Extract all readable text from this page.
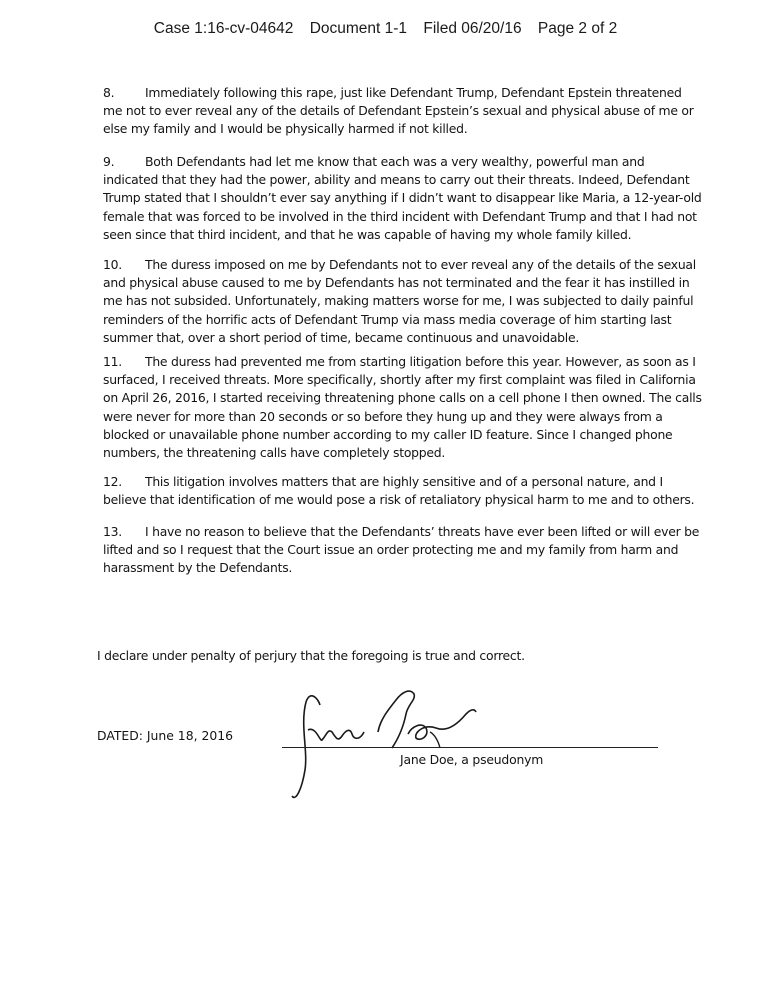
Case 1:16-cv-04642 Document 1-1 Filed 06/20/16 Page 2 of 2
8. Immediately following this rape, just like Defendant Trump, Defendant Epstein threatened me not to ever reveal any of the details of Defendant Epstein’s sexual and physical abuse of me or else my family and I would be physically harmed if not killed.
9. Both Defendants had let me know that each was a very wealthy, powerful man and indicated that they had the power, ability and means to carry out their threats. Indeed, Defendant Trump stated that I shouldn’t ever say anything if I didn’t want to disappear like Maria, a 12-year-old female that was forced to be involved in the third incident with Defendant Trump and that I had not seen since that third incident, and that he was capable of having my whole family killed.
10. The duress imposed on me by Defendants not to ever reveal any of the details of the sexual and physical abuse caused to me by Defendants has not terminated and the fear it has instilled in me has not subsided. Unfortunately, making matters worse for me, I was subjected to daily painful reminders of the horrific acts of Defendant Trump via mass media coverage of him starting last summer that, over a short period of time, became continuous and unavoidable.
11. The duress had prevented me from starting litigation before this year. However, as soon as I surfaced, I received threats. More specifically, shortly after my first complaint was filed in California on April 26, 2016, I started receiving threatening phone calls on a cell phone I then owned. The calls were never for more than 20 seconds or so before they hung up and they were always from a blocked or unavailable phone number according to my caller ID feature. Since I changed phone numbers, the threatening calls have completely stopped.
12. This litigation involves matters that are highly sensitive and of a personal nature, and I believe that identification of me would pose a risk of retaliatory physical harm to me and to others.
13. I have no reason to believe that the Defendants’ threats have ever been lifted or will ever be lifted and so I request that the Court issue an order protecting me and my family from harm and harassment by the Defendants.
I declare under penalty of perjury that the foregoing is true and correct.
DATED: June 18, 2016
Jane Doe, a pseudonym
